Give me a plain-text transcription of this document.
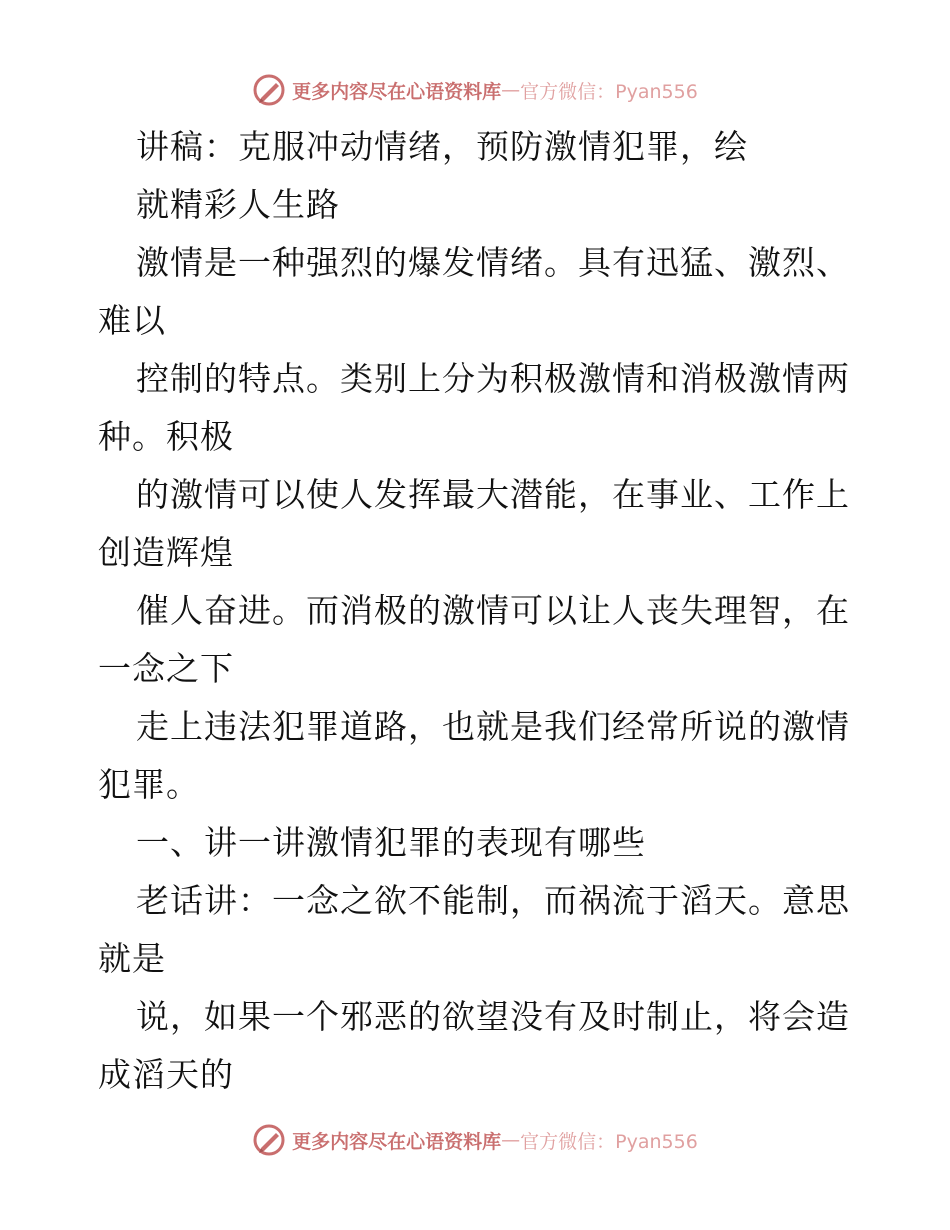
更多内容尽在心语资料库 — 官方微信：Pyan556
讲稿：克服冲动情绪，预防激情犯罪，绘
就精彩人生路
激情是一种强烈的爆发情绪。具有迅猛、激烈、
难以
控制的特点。类别上分为积极激情和消极激情两
种。积极
的激情可以使人发挥最大潜能，在事业、工作上
创造辉煌
催人奋进。而消极的激情可以让人丧失理智，在
一念之下
走上违法犯罪道路，也就是我们经常所说的激情
犯罪。
一、讲一讲激情犯罪的表现有哪些
老话讲：一念之欲不能制，而祸流于滔天。意思
就是
说，如果一个邪恶的欲望没有及时制止，将会造
成滔天的
更多内容尽在心语资料库 — 官方微信：Pyan556
